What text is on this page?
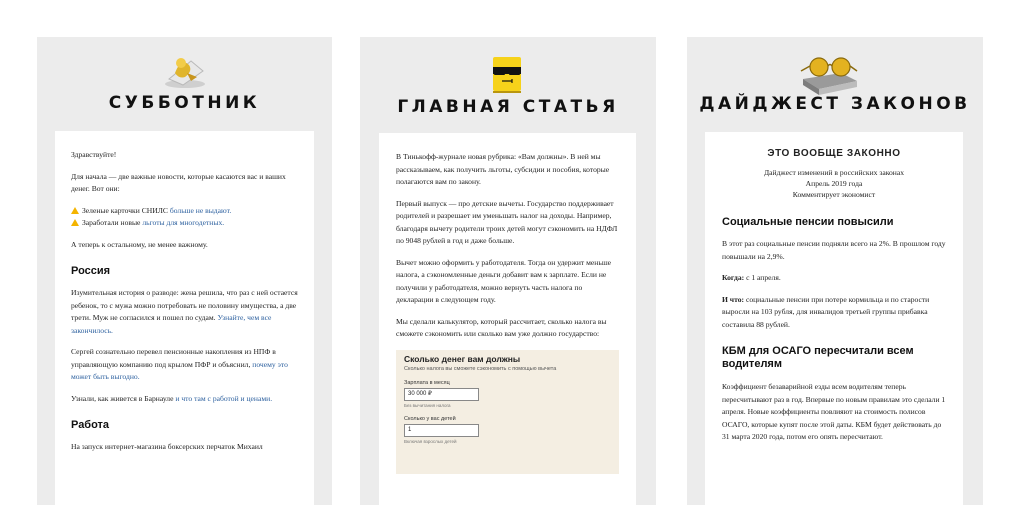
СУББОТНИК

Здравствуйте!

Для начала — две важные новости, которые касаются вас и ваших денег. Вот они:

Зеленые карточки СНИЛС больше не выдают.

Заработали новые льготы для многодетных.

А теперь к остальному, не менее важному.

Россия

Изумительная история о разводе: жена решила, что раз с ней остается ребенок, то с мужа можно потребовать не половину имущества, а две трети. Муж не согласился и пошел по судам. Узнайте, чем все закончилось.

Сергей сознательно перевел пенсионные накопления из НПФ в управляющую компанию под крылом ПФР и объяснил, почему это может быть выгодно.

Узнали, как живется в Барнауле и что там с работой и ценами.

Работа

На запуск интернет-магазина боксерских перчаток Михаил

ГЛАВНАЯ СТАТЬЯ

В Тинькофф-журнале новая рубрика: «Вам должны». В ней мы рассказываем, как получить льготы, субсидии и пособия, которые полагаются вам по закону.

Первый выпуск — про детские вычеты. Государство поддерживает родителей и разрешает им уменьшать налог на доходы. Например, благодаря вычету родители троих детей могут сэкономить на НДФЛ по 9048 рублей в год и даже больше.

Вычет можно оформить у работодателя. Тогда он удержит меньше налога, а сэкономленные деньги добавит вам к зарплате. Если не получили у работодателя, можно вернуть часть налога по декларации в следующем году.

Мы сделали калькулятор, который рассчитает, сколько налога вы сможете сэкономить или сколько вам уже должно государство:

Сколько денег вам должны
Сколько налога вы сможете сэкономить с помощью вычета
Зарплата в месяц
30 000 ₽
Без вычитания налога
Сколько у вас детей
1
Включая взрослых детей
ДАЙДЖЕСТ ЗАКОНОВ
ЭТО ВООБЩЕ ЗАКОННО

Дайджест изменений в российских законах

Апрель 2019 года

Комментирует экономист

Социальные пенсии повысили

В этот раз социальные пенсии подняли всего на 2%. В прошлом году повышали на 2,9%.

Когда: с 1 апреля.

И что: социальные пенсии при потере кормильца и по старости выросли на 103 рубля, для инвалидов третьей группы прибавка составила 88 рублей.

КБМ для ОСАГО пересчитали всем водителям

Коэффициент безаварийной езды всем водителям теперь пересчитывают раз в год. Впервые по новым правилам это сделали 1 апреля. Новые коэффициенты повлияют на стоимость полисов ОСАГО, которые купят после этой даты. КБМ будет действовать до 31 марта 2020 года, потом его опять пересчитают.
